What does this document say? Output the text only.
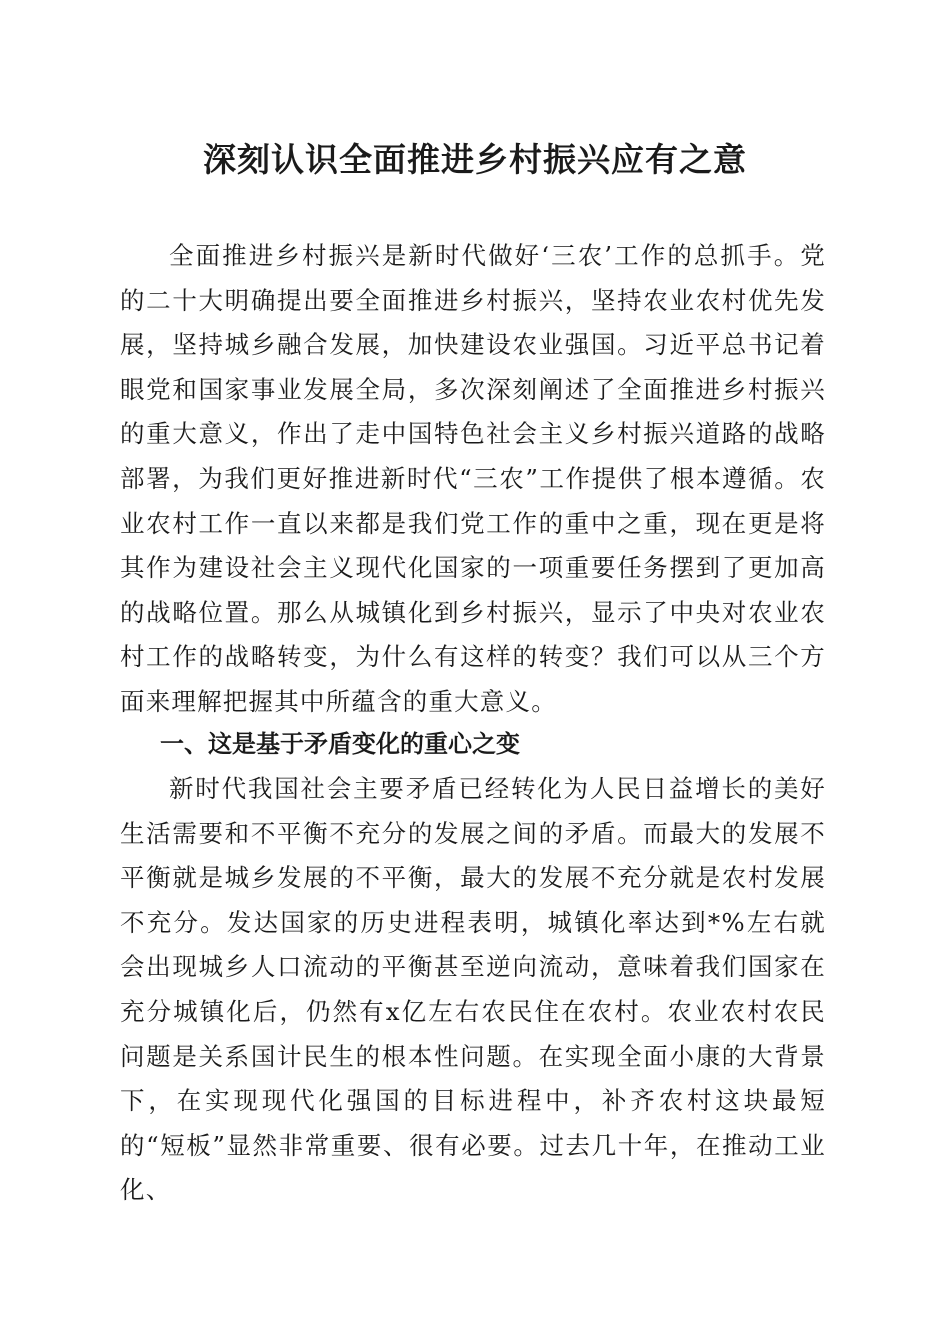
深刻认识全面推进乡村振兴应有之意

全面推进乡村振兴是新时代做好‘三农’工作的总抓手。党的二十大明确提出要全面推进乡村振兴，坚持农业农村优先发展，坚持城乡融合发展，加快建设农业强国。习近平总书记着眼党和国家事业发展全局，多次深刻阐述了全面推进乡村振兴的重大意义，作出了走中国特色社会主义乡村振兴道路的战略部署，为我们更好推进新时代“三农”工作提供了根本遵循。农业农村工作一直以来都是我们党工作的重中之重，现在更是将其作为建设社会主义现代化国家的一项重要任务摆到了更加高的战略位置。那么从城镇化到乡村振兴，显示了中央对农业农村工作的战略转变，为什么有这样的转变？我们可以从三个方面来理解把握其中所蕴含的重大意义。

一、这是基于矛盾变化的重心之变

新时代我国社会主要矛盾已经转化为人民日益增长的美好生活需要和不平衡不充分的发展之间的矛盾。而最大的发展不平衡就是城乡发展的不平衡，最大的发展不充分就是农村发展不充分。发达国家的历史进程表明，城镇化率达到*%左右就会出现城乡人口流动的平衡甚至逆向流动，意味着我们国家在充分城镇化后，仍然有x亿左右农民住在农村。农业农村农民问题是关系国计民生的根本性问题。在实现全面小康的大背景下，在实现现代化强国的目标进程中，补齐农村这块最短的“短板”显然非常重要、很有必要。过去几十年，在推动工业化、
